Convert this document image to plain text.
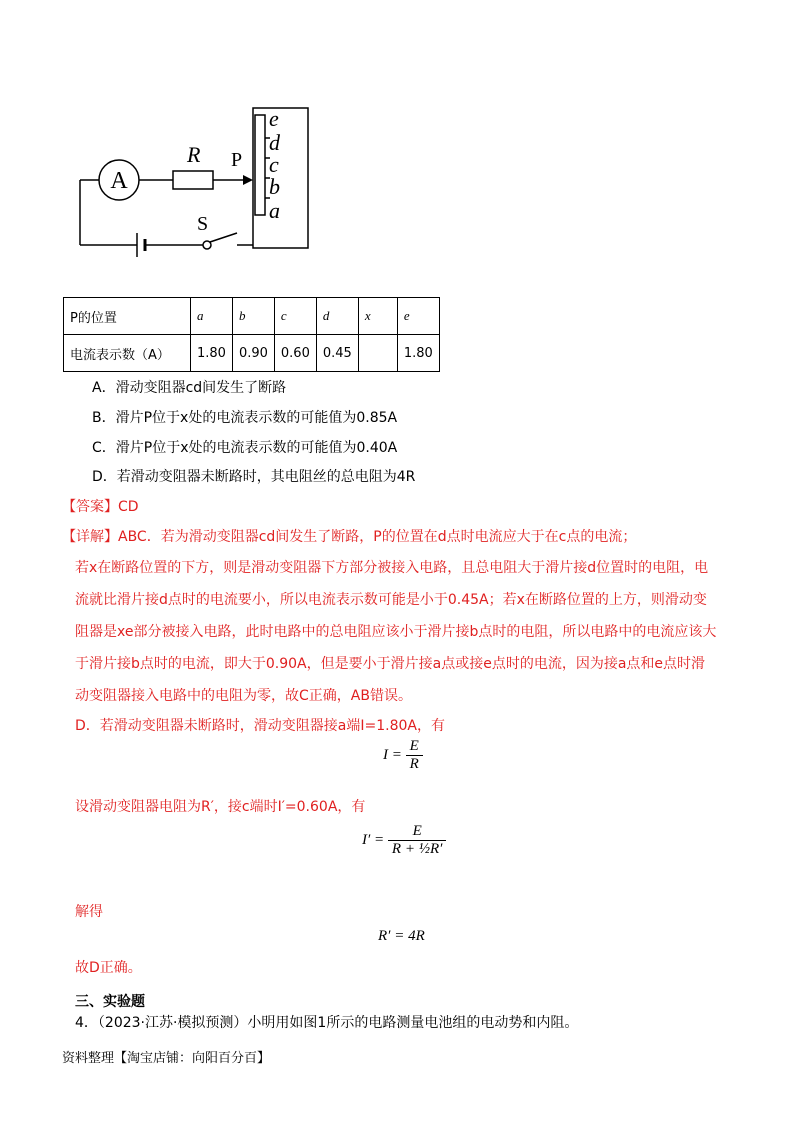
A
R P
S
e
d
c
b
a
P的位置	a	b	c	d	x	e
电流表示数（A）	1.80	0.90	0.60	0.45		1.80
A．滑动变阻器cd间发生了断路
B．滑片P位于x处的电流表示数的可能值为0.85A
C．滑片P位于x处的电流表示数的可能值为0.40A
D．若滑动变阻器未断路时，其电阻丝的总电阻为4R
【答案】CD
【详解】ABC．若为滑动变阻器cd间发生了断路，P的位置在d点时电流应大于在c点的电流；
若x在断路位置的下方，则是滑动变阻器下方部分被接入电路，且总电阻大于滑片接d位置时的电阻，电
流就比滑片接d点时的电流要小，所以电流表示数可能是小于0.45A；若x在断路位置的上方，则滑动变
阻器是xe部分被接入电路，此时电路中的总电阻应该小于滑片接b点时的电阻，所以电路中的电流应该大
于滑片接b点时的电流，即大于0.90A，但是要小于滑片接a点或接e点时的电流，因为接a点和e点时滑
动变阻器接入电路中的电阻为零，故C正确，AB错误。
D．若滑动变阻器未断路时，滑动变阻器接a端I=1.80A，有
$I = \frac{E}{R}$
设滑动变阻器电阻为R′，接c端时I′=0.60A，有
$I' = \frac{E}{\text{R + ½R′}}$
解得
R′ = 4R
故D正确。
三、实验题
4．（2023·江苏·模拟预测）小明用如图1所示的电路测量电池组的电动势和内阻。
资料整理【淘宝店铺：向阳百分百】
